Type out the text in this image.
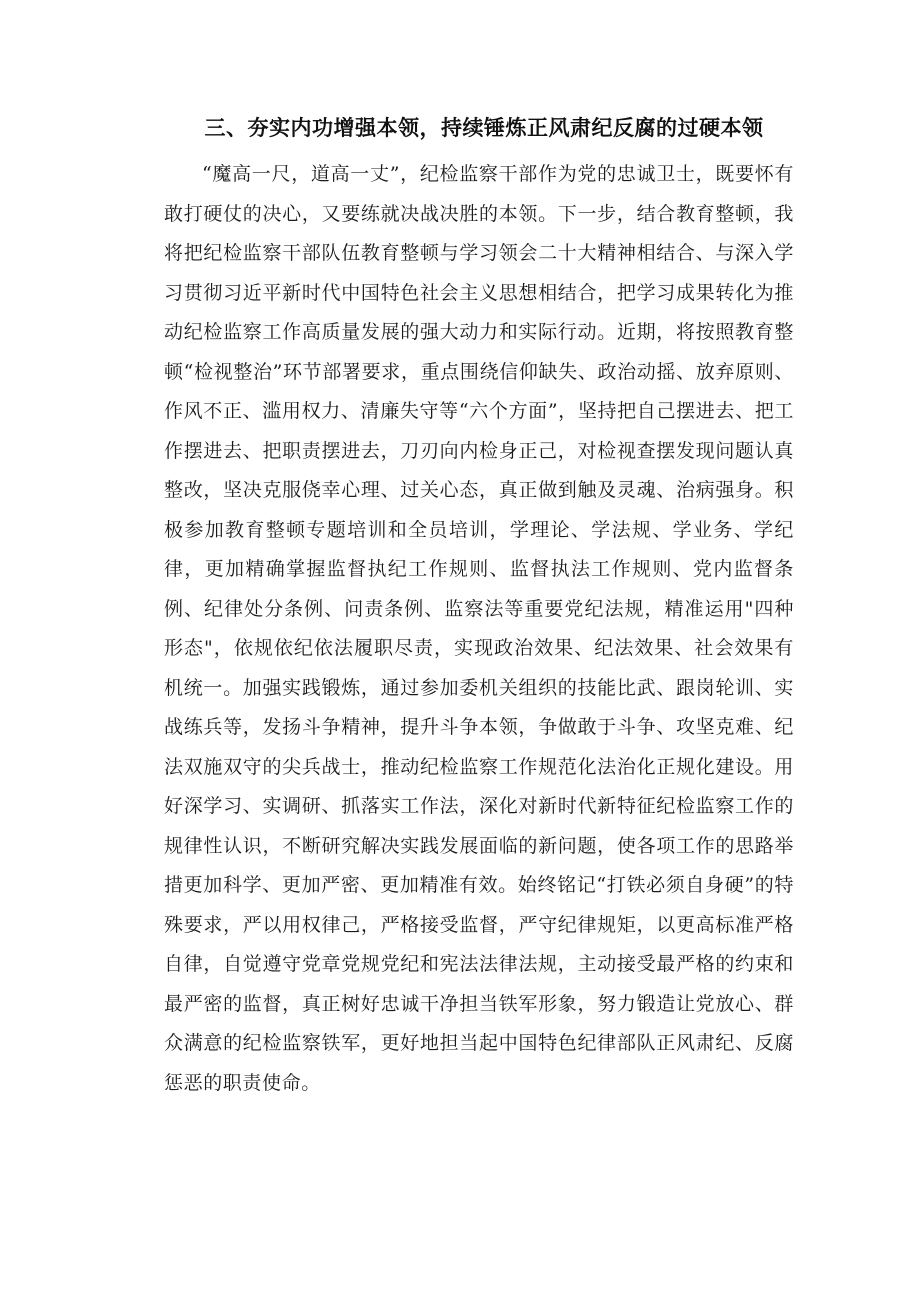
三、夯实内功增强本领，持续锤炼正风肃纪反腐的过硬本领

“魔高一尺，道高一丈”，纪检监察干部作为党的忠诚卫士，既要怀有敢打硬仗的决心，又要练就决战决胜的本领。下一步，结合教育整顿，我将把纪检监察干部队伍教育整顿与学习领会二十大精神相结合、与深入学习贯彻习近平新时代中国特色社会主义思想相结合，把学习成果转化为推动纪检监察工作高质量发展的强大动力和实际行动。近期，将按照教育整顿“检视整治”环节部署要求，重点围绕信仰缺失、政治动摇、放弃原则、作风不正、滥用权力、清廉失守等“六个方面”，坚持把自己摆进去、把工作摆进去、把职责摆进去，刀刃向内检身正己，对检视查摆发现问题认真整改，坚决克服侥幸心理、过关心态，真正做到触及灵魂、治病强身。积极参加教育整顿专题培训和全员培训，学理论、学法规、学业务、学纪律，更加精确掌握监督执纪工作规则、监督执法工作规则、党内监督条例、纪律处分条例、问责条例、监察法等重要党纪法规，精准运用"四种形态"，依规依纪依法履职尽责，实现政治效果、纪法效果、社会效果有机统一。加强实践锻炼，通过参加委机关组织的技能比武、跟岗轮训、实战练兵等，发扬斗争精神，提升斗争本领，争做敢于斗争、攻坚克难、纪法双施双守的尖兵战士，推动纪检监察工作规范化法治化正规化建设。用好深学习、实调研、抓落实工作法，深化对新时代新特征纪检监察工作的规律性认识，不断研究解决实践发展面临的新问题，使各项工作的思路举措更加科学、更加严密、更加精准有效。始终铭记“打铁必须自身硬”的特殊要求，严以用权律己，严格接受监督，严守纪律规矩，以更高标准严格自律，自觉遵守党章党规党纪和宪法法律法规，主动接受最严格的约束和最严密的监督，真正树好忠诚干净担当铁军形象，努力锻造让党放心、群众满意的纪检监察铁军，更好地担当起中国特色纪律部队正风肃纪、反腐惩恶的职责使命。
